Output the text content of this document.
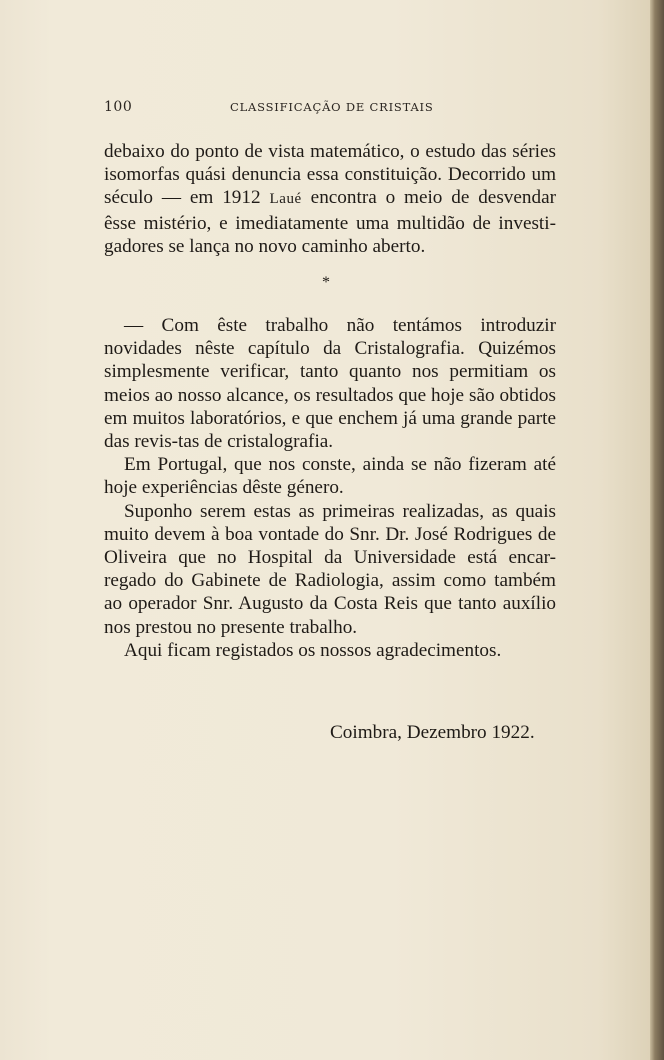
100	CLASSIFICAÇÃO DE CRISTAIS

debaixo do ponto de vista matemático, o estudo das séries isomorfas quási denuncia essa constituição. Decorrido um século — em 1912 Laué encontra o meio de desvendar êsse mistério, e imediatamente uma multidão de investi- gadores se lança no novo caminho aberto.

*

— Com êste trabalho não tentámos introduzir novidades nêste capítulo da Cristalografia. Quizémos simplesmente verificar, tanto quanto nos permitiam os meios ao nosso alcance, os resultados que hoje são obtidos em muitos laboratórios, e que enchem já uma grande parte das revis-tas de cristalografia.

Em Portugal, que nos conste, ainda se não fizeram até hoje experiências dêste género.

Suponho serem estas as primeiras realizadas, as quais muito devem à boa vontade do Snr. Dr. José Rodrigues de Oliveira que no Hospital da Universidade está encar-regado do Gabinete de Radiologia, assim como também ao operador Snr. Augusto da Costa Reis que tanto auxílio nos prestou no presente trabalho.

Aqui ficam registados os nossos agradecimentos.

Coimbra, Dezembro 1922.
